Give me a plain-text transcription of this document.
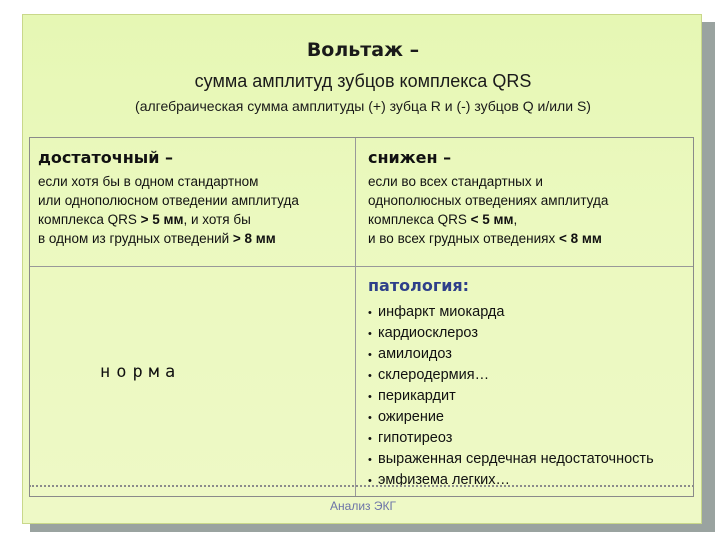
Вольтаж –
сумма амплитуд зубцов комплекса QRS
(алгебраическая сумма амплитуды (+) зубца R и (-) зубцов Q и/или S)
достаточный –
если хотя бы в одном стандартном
или однополюсном отведении амплитуда
комплекса QRS > 5 мм, и хотя бы
в одном из грудных отведений > 8 мм
снижен –
если во всех стандартных и
однополюсных отведениях амплитуда
комплекса QRS < 5 мм,
и во всех грудных отведениях < 8 мм
норма
патология:
• инфаркт миокарда
• кардиосклероз
• амилоидоз
• склеродермия…
• перикардит
• ожирение
• гипотиреоз
• выраженная сердечная недостаточность
• эмфизема легких…
Анализ ЭКГ
